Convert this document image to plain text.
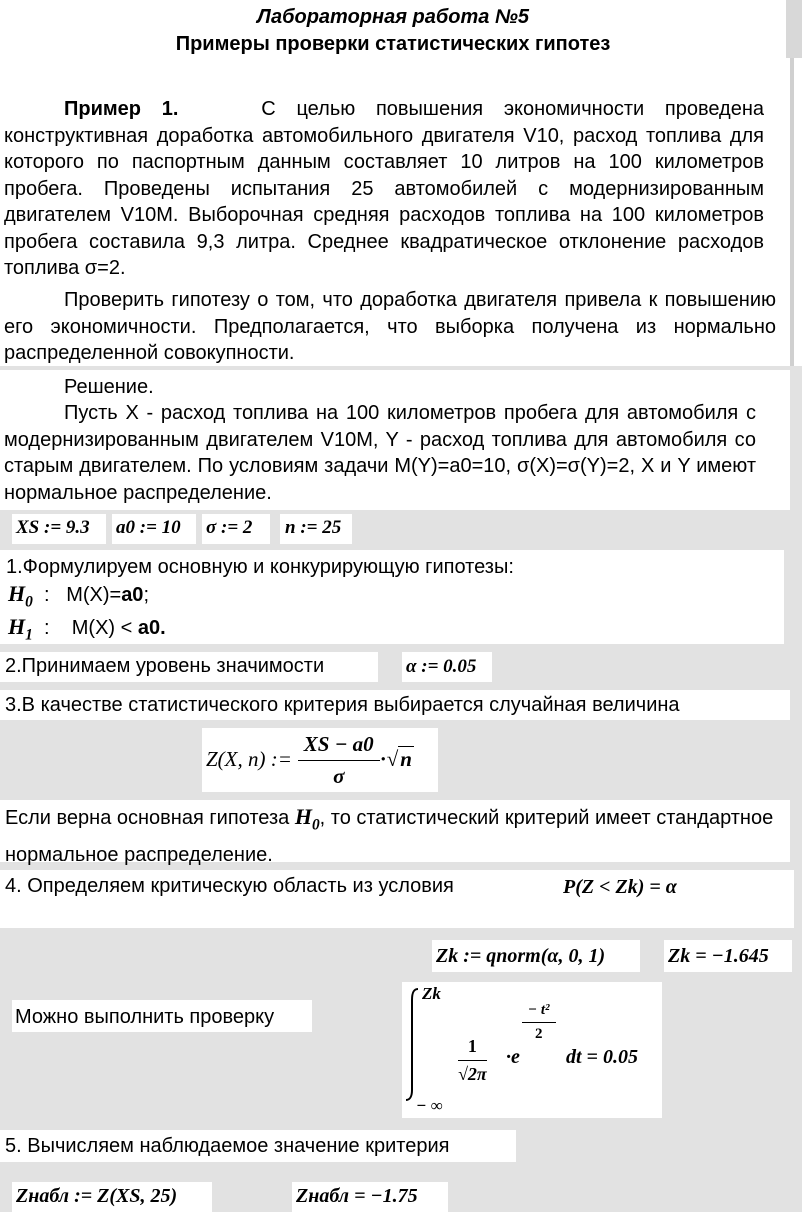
Лабораторная работа №5
Примеры проверки статистических гипотез
Пример 1.	С целью повышения экономичности проведена конструктивная доработка автомобильного двигателя V10, расход топлива для которого по паспортным данным составляет 10 литров на 100 километров пробега. Проведены испытания 25 автомобилей с модернизированным двигателем V10M. Выборочная средняя расходов топлива на 100 километров пробега составила 9,3 литра. Среднее квадратическое отклонение расходов топлива σ=2.
Проверить гипотезу о том, что доработка двигателя привела к повышению его экономичности. Предполагается, что выборка получена из нормально распределенной совокупности.
Решение.
Пусть X - расход топлива на 100 километров пробега для автомобиля с модернизированным двигателем V10M, Y - расход топлива для автомобиля со старым двигателем. По условиям задачи M(Y)=a0=10, σ(X)=σ(Y)=2, X и Y имеют нормальное распределение.
XS := 9.3 a0 := 10 σ := 2 n := 25
1.Формулируем основную и конкурирующую гипотезы:
$H_0$ : M(X)=a0;
$H_1$ : M(X) < a0.
2.Принимаем уровень значимости	α := 0.05
3.В качестве статистического критерия выбирается случайная величина
Z(X, n) := $\frac{XS - a0}{\sigma} \cdot√n$
Если верна основная гипотеза $H_0$, то статистический критерий имеет стандартное нормальное распределение.
4. Определяем критическую область из условия	P(Z < Zk) = α
Zk := qnorm(α, 0, 1)	Zk = −1.645
Можно выполнить проверку
Zk
− ∞
$\frac{1}{√2\pi} \cdot e$
$\frac{\text{− t²}}{2}$
dt = 0.05
5. Вычисляем наблюдаемое значение критерия
Zнабл := Z(XS, 25)	Zнабл = −1.75
